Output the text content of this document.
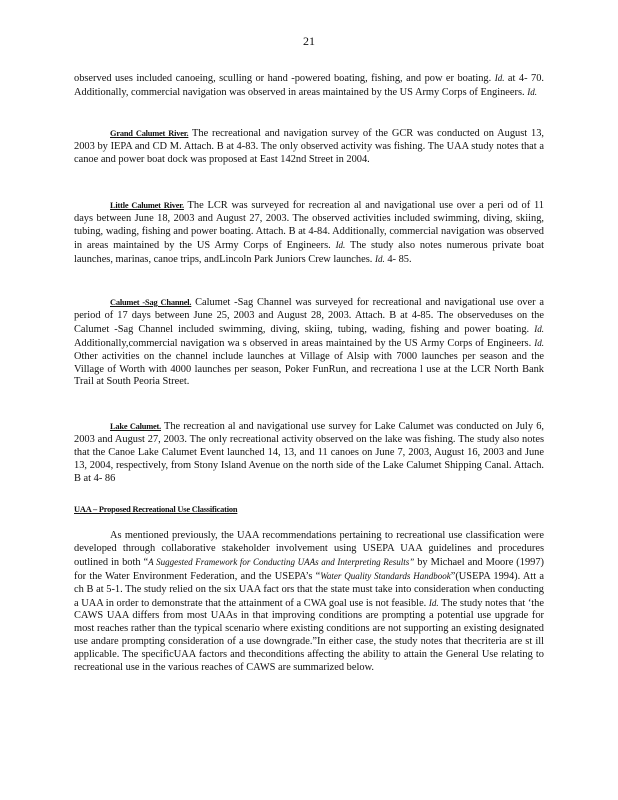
21
observed uses included canoeing, sculling or hand -powered boating, fishing, and pow er boating. Id. at 4- 70. Additionally, commercial navigation was observed in areas maintained by the US Army Corps of Engineers. Id.
Grand Calumet River. The recreational and navigation survey of the GCR was conducted on August 13, 2003 by IEPA and CD M. Attach. B at 4-83. The only observed activity was fishing. The UAA study notes that a canoe and power boat dock was proposed at East 142nd Street in 2004.
Little Calumet River. The LCR was surveyed for recreation al and navigational use over a peri od of 11 days between June 18, 2003 and August 27, 2003. The observed activities included swimming, diving, skiing, tubing, wading, fishing and power boating. Attach. B at 4-84. Additionally, commercial navigation was observed in areas maintained by the US Army Corps of Engineers. Id. The study also notes numerous private boat launches, marinas, canoe trips, andLincoln Park Juniors Crew launches. Id. 4- 85.
Calumet -Sag Channel. Calumet -Sag Channel was surveyed for recreational and navigational use over a period of 17 days between June 25, 2003 and August 28, 2003. Attach. B at 4-85. The observeduses on the Calumet -Sag Channel included swimming, diving, skiing, tubing, wading, fishing and power boating. Id. Additionally,commercial navigation wa s observed in areas maintained by the US Army Corps of Engineers. Id. Other activities on the channel include launches at Village of Alsip with 7000 launches per season and the Village of Worth with 4000 launches per season, Poker FunRun, and recreationa l use at the LCR North Bank Trail at South Peoria Street.
Lake Calumet. The recreation al and navigational use survey for Lake Calumet was conducted on July 6, 2003 and August 27, 2003. The only recreational activity observed on the lake was fishing. The study also notes that the Canoe Lake Calumet Event launched 14, 13, and 11 canoes on June 7, 2003, August 16, 2003 and June 13, 2004, respectively, from Stony Island Avenue on the north side of the Lake Calumet Shipping Canal. Attach. B at 4- 86
UAA – Proposed Recreational Use Classification
As mentioned previously, the UAA recommendations pertaining to recreational use classification were developed through collaborative stakeholder involvement using USEPA UAA guidelines and procedures outlined in both “A Suggested Framework for Conducting UAAs and Interpreting Results” by Michael and Moore (1997) for the Water Environment Federation, and the USEPA’s “Water Quality Standards Handbook”(USEPA 1994). Att a ch B at 5-1. The study relied on the six UAA fact ors that the state must take into consideration when conducting a UAA in order to demonstrate that the attainment of a CWA goal use is not feasible. Id. The study notes that ‘the CAWS UAA differs from most UAAs in that improving conditions are prompting a potential use upgrade for most reaches rather than the typical scenario where existing conditions are not supporting an existing designated use andare prompting consideration of a use downgrade.”In either case, the study notes that thecriteria are st ill applicable. The specificUAA factors and theconditions affecting the ability to attain the General Use relating to recreational use in the various reaches of CAWS are summarized below.
